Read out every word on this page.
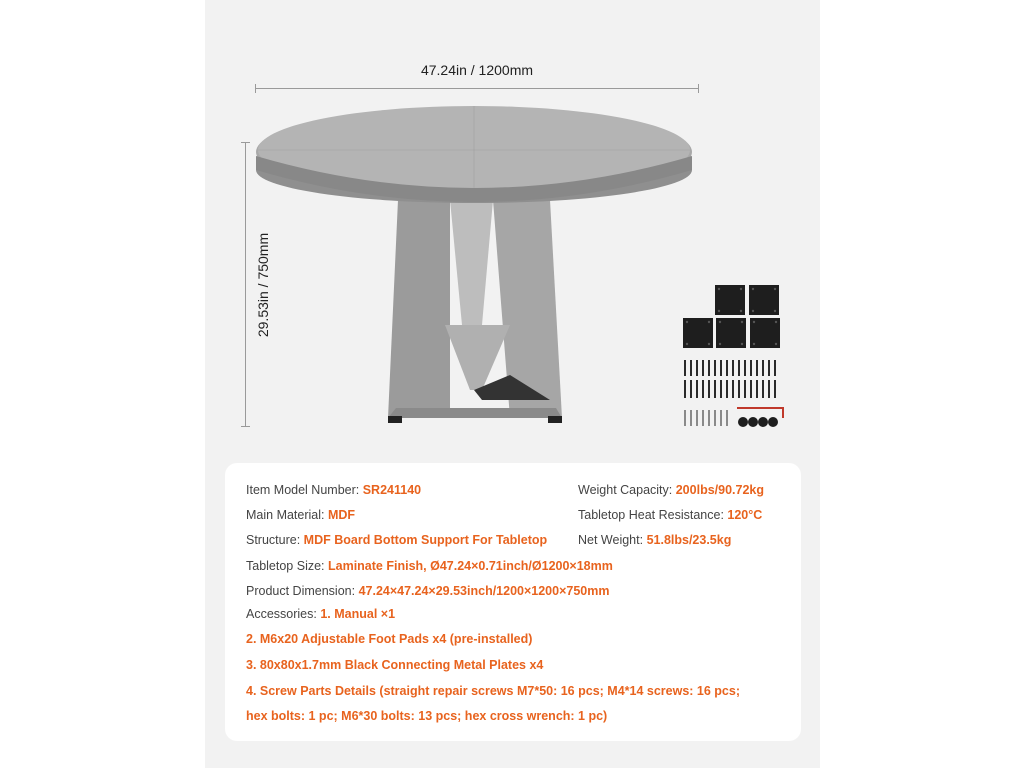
47.24in / 1200mm
29.53in / 750mm
Item Model Number: SR241140
Main Material: MDF
Structure: MDF Board Bottom Support For Tabletop
Tabletop Size: Laminate Finish, Ø47.24×0.71inch/Ø1200×18mm
Product Dimension: 47.24×47.24×29.53inch/1200×1200×750mm
Accessories: 1. Manual ×1
Weight Capacity: 200lbs/90.72kg
Tabletop Heat Resistance: 120°C
Net Weight: 51.8lbs/23.5kg
2. M6x20 Adjustable Foot Pads x4 (pre-installed)
3. 80x80x1.7mm Black Connecting Metal Plates x4
4. Screw Parts Details (straight repair screws M7*50: 16 pcs; M4*14 screws: 16 pcs;
hex bolts: 1 pc; M6*30 bolts: 13 pcs; hex cross wrench: 1 pc)
